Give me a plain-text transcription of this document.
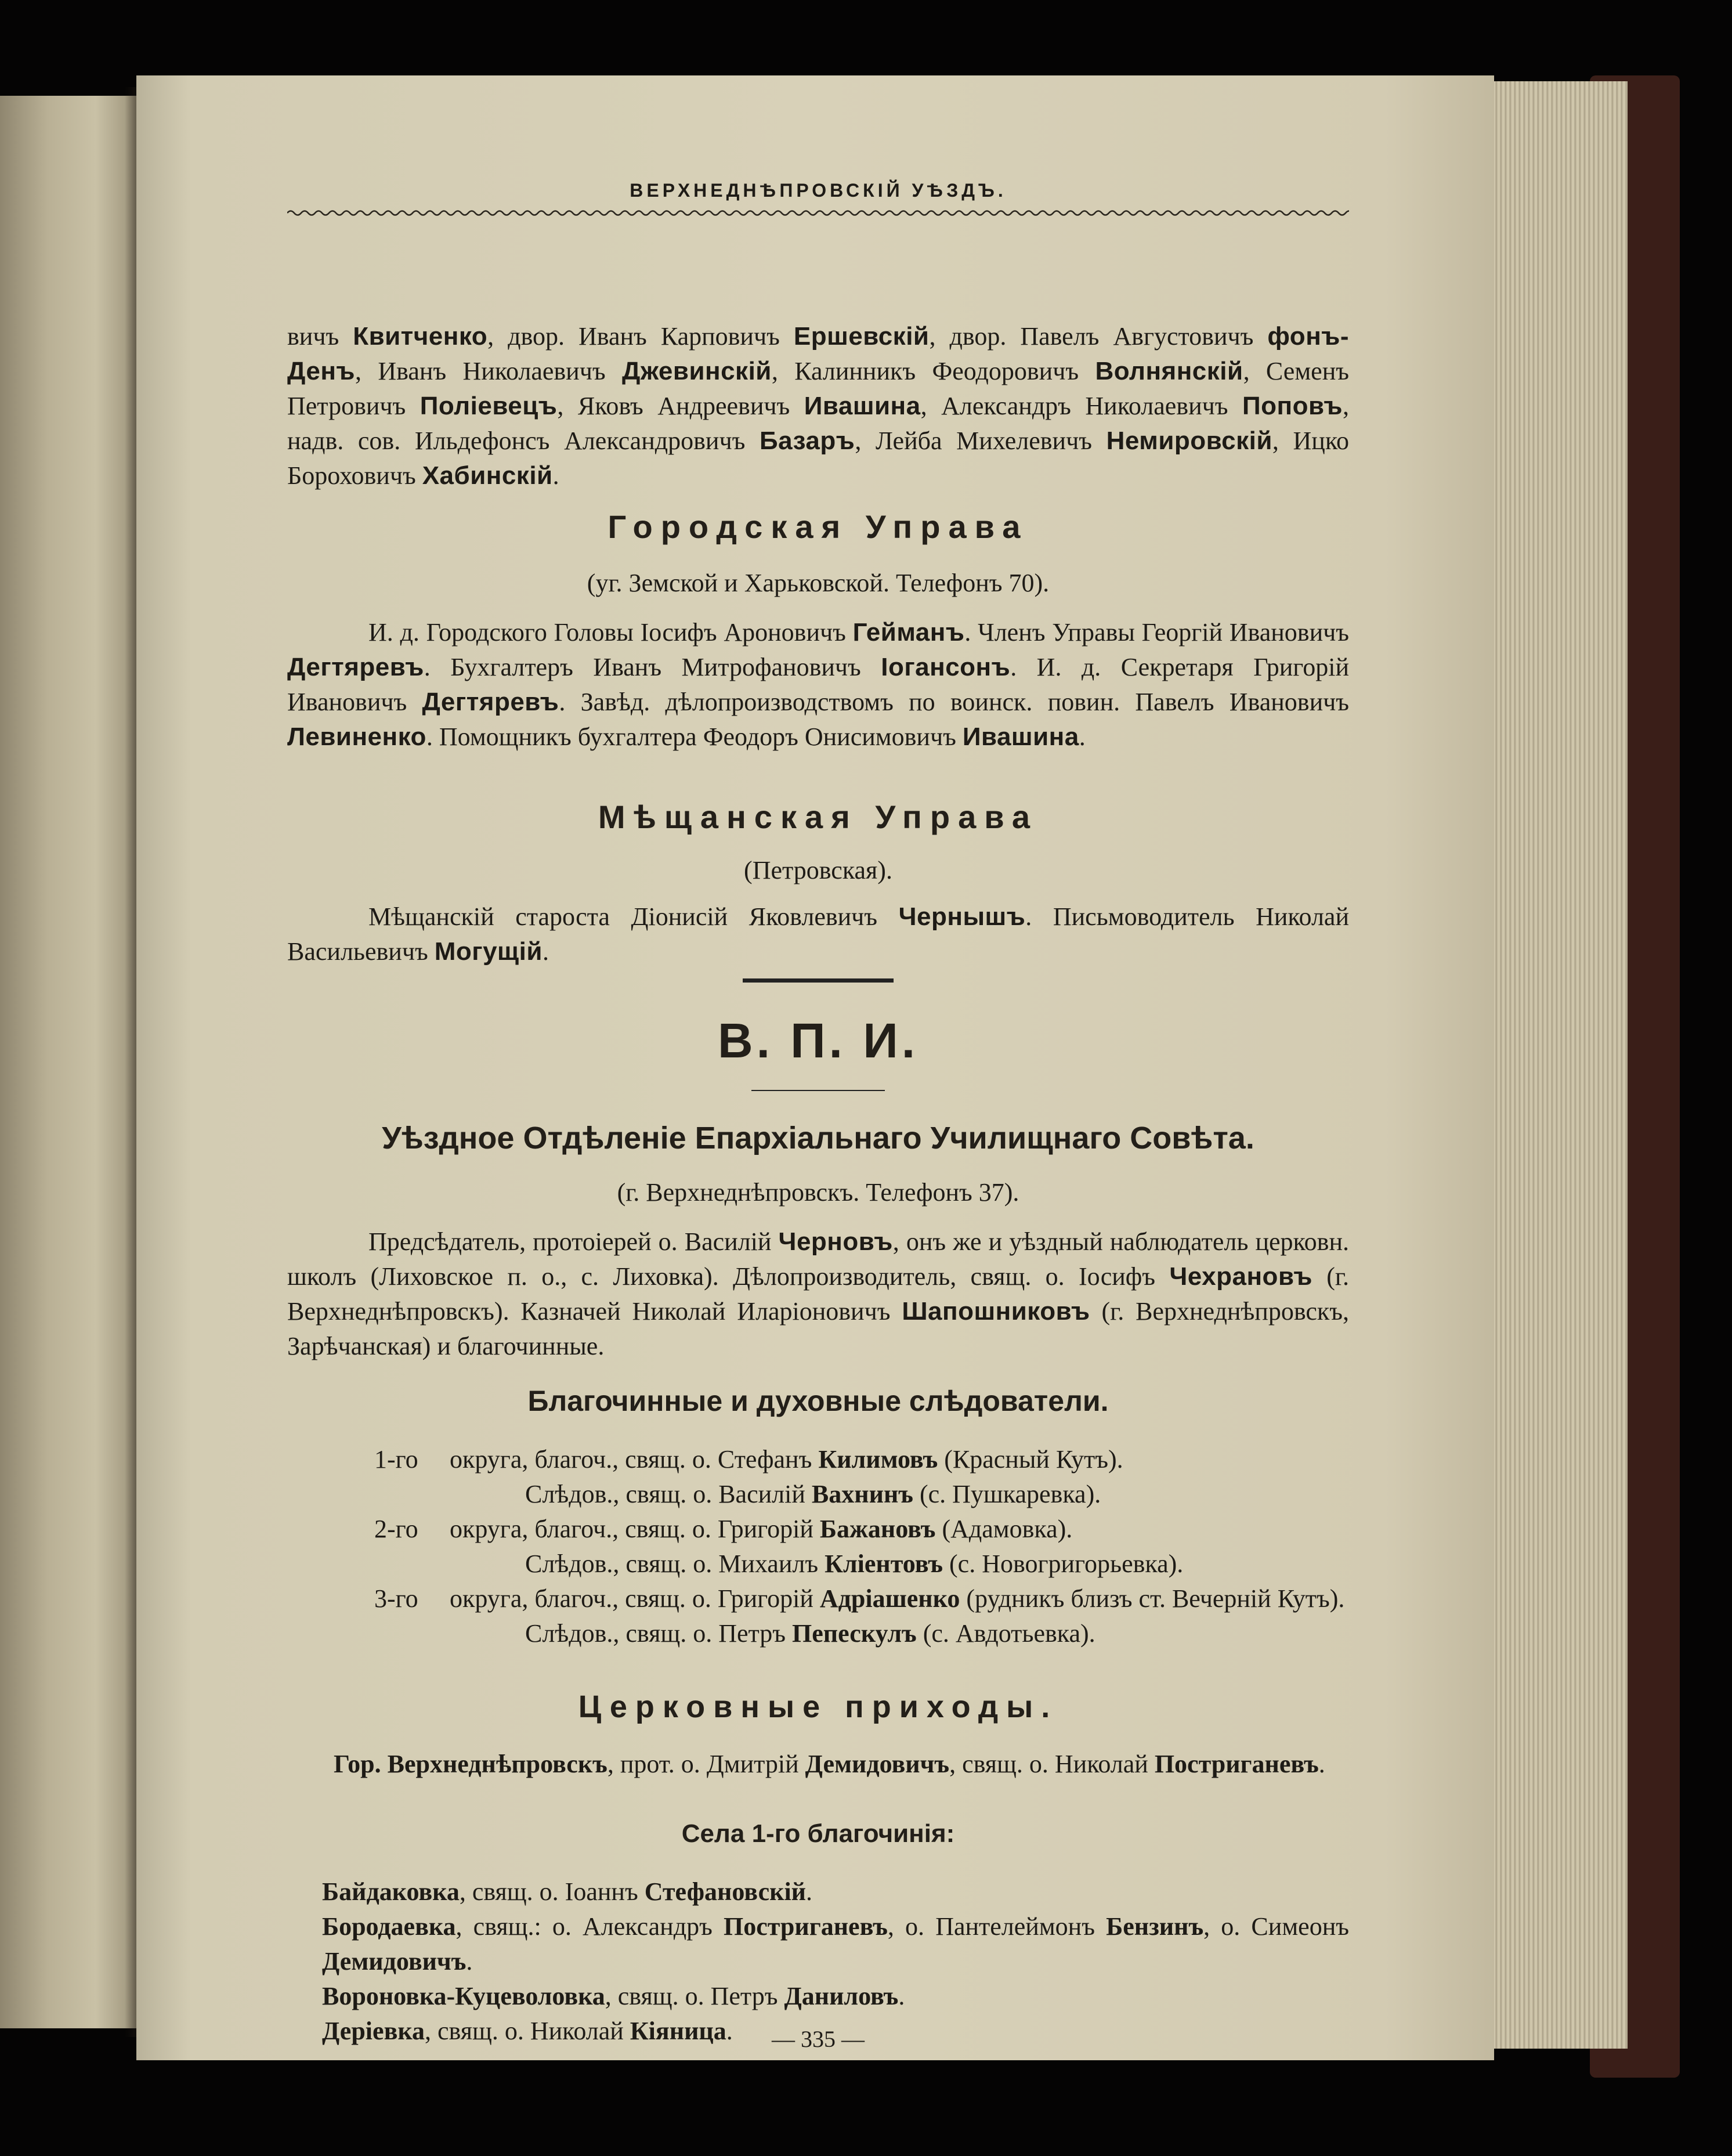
ВЕРХНЕДНѢПРОВСКІЙ УѢЗДЪ.
вичъ Квитченко, двор. Иванъ Карповичъ Ершевскій, двор. Павелъ Августовичъ фонъ-Денъ, Иванъ Николаевичъ Джевинскій, Калинникъ Феодоровичъ Волнянскій, Семенъ Петровичъ Поліевецъ, Яковъ Андреевичъ Ивашина, Александръ Николаевичъ Поповъ, надв. сов. Ильдефонсъ Александровичъ Базаръ, Лейба Михелевичъ Немировскій, Ицко Бороховичъ Хабинскій.
Городская Управа
(уг. Земской и Харьковской. Телефонъ 70).
И. д. Городского Головы Іосифъ Ароновичъ Гейманъ. Членъ Управы Георгій Ивановичъ Дегтяревъ. Бухгалтеръ Иванъ Митрофановичъ Іогансонъ. И. д. Секретаря Григорій Ивановичъ Дегтяревъ. Завѣд. дѣлопроизводствомъ по воинск. повин. Павелъ Ивановичъ Левиненко. Помощникъ бухгалтера Феодоръ Онисимовичъ Ивашина.
Мѣщанская Управа
(Петровская).
Мѣщанскій староста Діонисій Яковлевичъ Чернышъ. Письмоводитель Николай Васильевичъ Могущій.
В. П. И.
Уѣздное Отдѣленіе Епархіальнаго Училищнаго Совѣта.
(г. Верхнеднѣпровскъ. Телефонъ 37).
Предсѣдатель, протоіерей о. Василій Черновъ, онъ же и уѣздный наблюдатель церковн. школъ (Лиховское п. о., с. Лиховка). Дѣлопроизводитель, свящ. о. Іосифъ Чехрановъ (г. Верхнеднѣпровскъ). Казначей Николай Иларіоновичъ Шапошниковъ (г. Верхнеднѣпровскъ, Зарѣчанская) и благочинные.
Благочинные и духовные слѣдователи.
1-го округа, благоч., свящ. о. Стефанъ Килимовъ (Красный Кутъ).
Слѣдов., свящ. о. Василій Вахнинъ (с. Пушкаревка).
2-го округа, благоч., свящ. о. Григорій Бажановъ (Адамовка).
Слѣдов., свящ. о. Михаилъ Кліентовъ (с. Новогригорьевка).
3-го округа, благоч., свящ. о. Григорій Адріашенко (рудникъ близъ ст. Вечерній Кутъ).
Слѣдов., свящ. о. Петръ Пепескулъ (с. Авдотьевка).
Церковные приходы.
Гор. Верхнеднѣпровскъ, прот. о. Дмитрій Демидовичъ, свящ. о. Николай Постриганевъ.
Села 1-го благочинія:
Байдаковка, свящ. о. Іоаннъ Стефановскій.
Бородаевка, свящ.: о. Александръ Постриганевъ, о. Пантелеймонъ Бензинъ, о. Симеонъ Демидовичъ.
Вороновка-Куцеволовка, свящ. о. Петръ Даниловъ.
Деріевка, свящ. о. Николай Кіяница.	— 335 —
